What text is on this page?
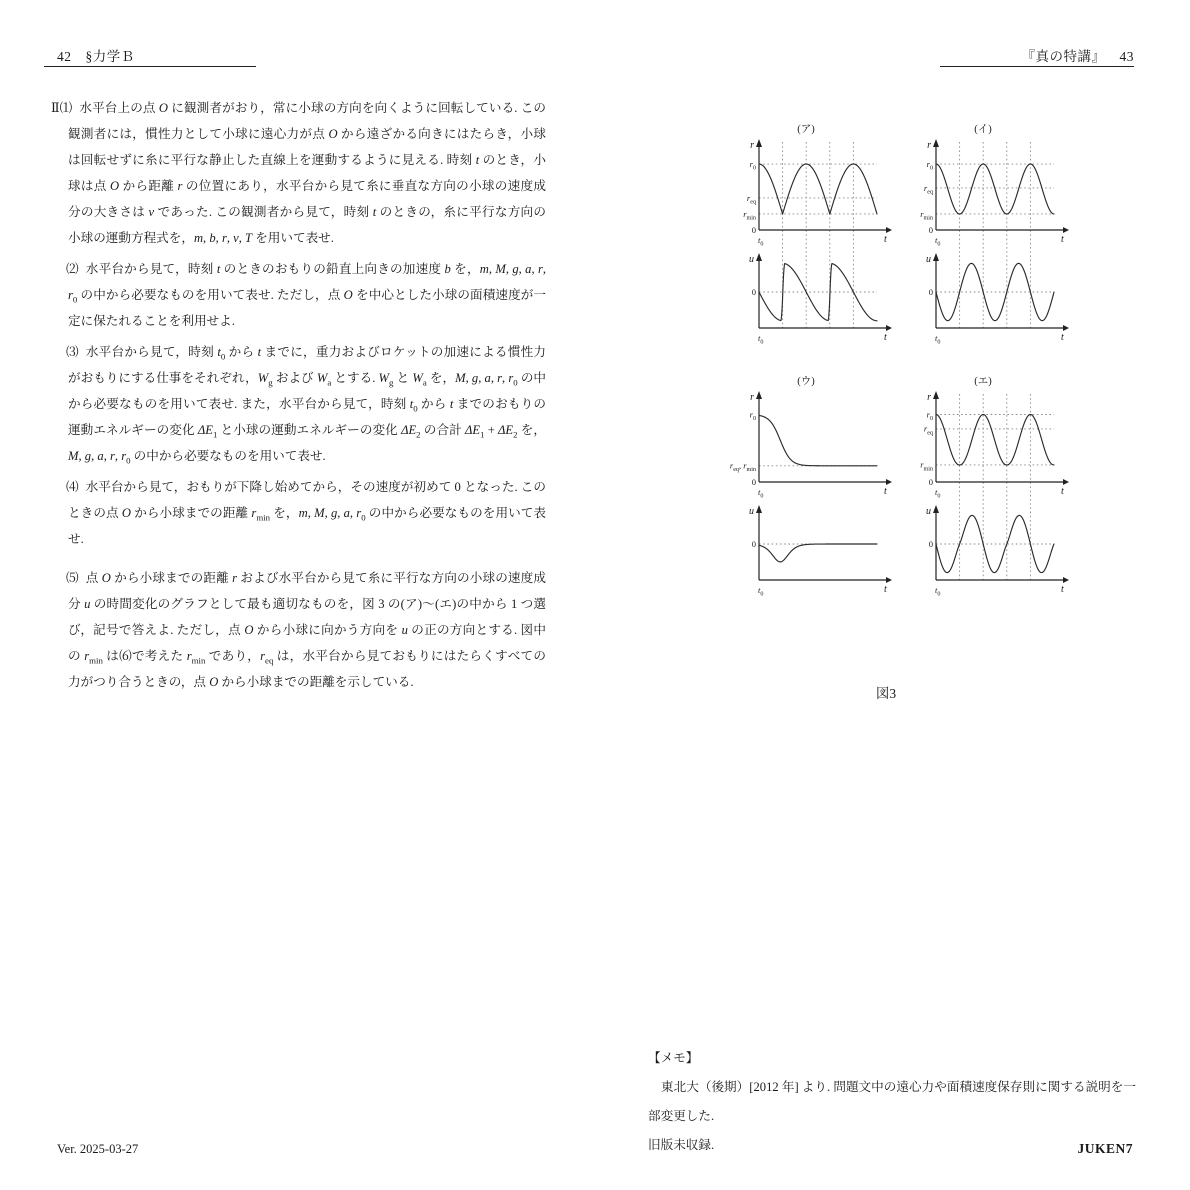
42 §力学Ｂ	『真の特講』 43

Ⅱ⑴ 水平台上の点 O に観測者がおり，常に小球の方向を向くように回転している. この観測者には，慣性力として小球に遠心力が点 O から遠ざかる向きにはたらき，小球は回転せずに糸に平行な静止した直線上を運動するように見える. 時刻 t のとき，小球は点 O から距離 r の位置にあり，水平台から見て糸に垂直な方向の小球の速度成分の大きさは v であった. この観測者から見て，時刻 t のときの，糸に平行な方向の小球の運動方程式を，m, b, r, v, T を用いて表せ.

⑵ 水平台から見て，時刻 t のときのおもりの鉛直上向きの加速度 b を，m, M, g, a, r, $r_0$ の中から必要なものを用いて表せ. ただし，点 O を中心とした小球の面積速度が一定に保たれることを利用せよ.

⑶ 水平台から見て，時刻 $t_0$ から t までに，重力およびロケットの加速による慣性力がおもりにする仕事をそれぞれ，$W_g$ および $W_a$ とする. $W_g$ と $W_a$ を，M, g, a, r, $r_0$ の中から必要なものを用いて表せ. また，水平台から見て，時刻 $t_0$ から t までのおもりの運動エネルギーの変化 $\Delta E_1$ と小球の運動エネルギーの変化 $\Delta E_2$ の合計 $\Delta E_1 + \Delta E_2$ を，M, g, a, r, $r_0$ の中から必要なものを用いて表せ.

⑷ 水平台から見て，おもりが下降し始めてから，その速度が初めて 0 となった. このときの点 O から小球までの距離 $r_{min}$ を，m, M, g, a, $r_0$ の中から必要なものを用いて表せ.

⑸ 点 O から小球までの距離 r および水平台から見て糸に平行な方向の小球の速度成分 u の時間変化のグラフとして最も適切なものを，図 3 の(ア)～(エ)の中から 1 つ選び，記号で答えよ. ただし，点 O から小球に向かう方向を u の正の方向とする. 図中の $r_{min}$ は⑹で考えた $r_{min}$ であり，$r_{eq}$ は，水平台から見ておもりにはたらくすべての力がつり合うときの，点 O から小球までの距離を示している.

(ア)
r
$r_0$
$r_{eq}$
$r_{min}$
0
$t_0$	t
u
0
$t_0$	t
(イ)
r
$r_0$
$r_{eq}$
$r_{min}$
0
$t_0$	t
u
0
$t_0$	t
(ウ)
r
$r_{eq}$, $r_{min}$
$r_0$
0
$t_0$	t
u
0
$t_0$	t
(エ)
r
$r_0$
$r_{eq}$
$r_{min}$
0
$t_0$	t
u
0
$t_0$	t
図3
【メモ】
東北大（後期）[2012 年] より. 問題文中の遠心力や面積速度保存則に関する説明を一部変更した.
旧版未収録.
Ver. 2025-03-27	JUKEN7
